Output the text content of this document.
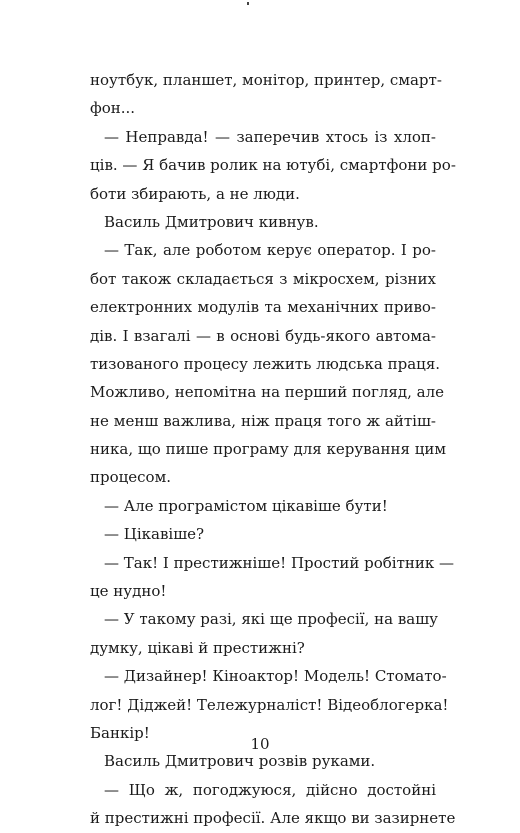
ноутбук, планшет, монітор, принтер, смарт-
фон...
— Неправда! — заперечив хтось із хлоп-
ців. — Я бачив ролик на ютубі, смартфони ро-
боти збирають, а не люди.
Василь Дмитрович кивнув.
— Так, але роботом керує оператор. І ро-
бот також складається з мікросхем, різних
електронних модулів та механічних приво-
дів. І взагалі — в основі будь-якого автома-
тизованого процесу лежить людська праця.
Можливо, непомітна на перший погляд, але
не менш важлива, ніж праця того ж айтіш-
ника, що пише програму для керування цим
процесом.
— Але програмістом цікавіше бути!
— Цікавіше?
— Так! І престижніше! Простий робітник —
це нудно!
— У такому разі, які ще професії, на вашу
думку, цікаві й престижні?
— Дизайнер! Кіноактор! Модель! Стомато-
лог! Діджей! Тележурналіст! Відеоблогерка!
Банкір!
Василь Дмитрович розвів руками.
— Що ж, погоджуюся, дійсно достойні
й престижні професії. Але якщо ви зазирнете
10
